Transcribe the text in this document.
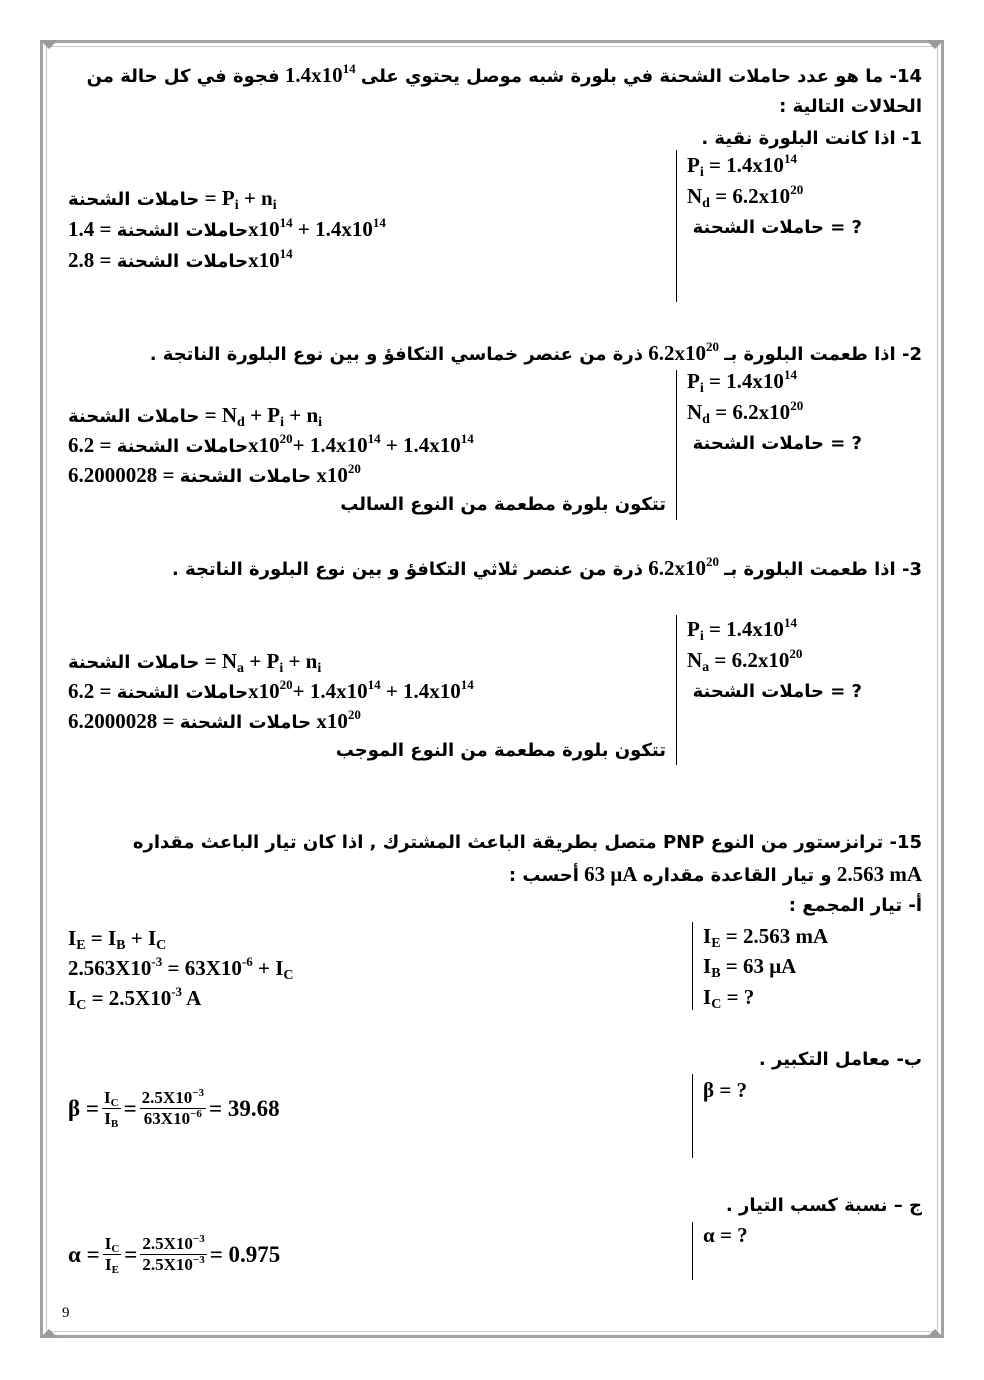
14- ما هو عدد حاملات الشحنة في بلورة شبه موصل يحتوي على $1.4x10^{14}$ فجوة في كل حالة من
الحلالات التالية :
1- اذا كانت البلورة نقية .
$P_i = 1.4x10^{14}$
$N_d = 6.2x10^{20}$
? = حاملات الشحنة
حاملات الشحنة = $P_i + n_i$
حاملات الشحنة = $1.4x10^{14} + 1.4x10^{14}$
حاملات الشحنة = $2.8x10^{14}$
2- اذا طعمت البلورة بـ $6.2x10^{20}$ ذرة من عنصر خماسي التكافؤ و بين نوع البلورة الناتجة .
$P_i = 1.4x10^{14}$
$N_d = 6.2x10^{20}$
? = حاملات الشحنة
حاملات الشحنة = $N_d + P_i + n_i$
حاملات الشحنة = $6.2x10^{20}+ 1.4x10^{14} + 1.4x10^{14}$
حاملات الشحنة = 6.2000028 $x10^{20}$
تتكون بلورة مطعمة من النوع السالب
3- اذا طعمت البلورة بـ $6.2x10^{20}$ ذرة من عنصر ثلاثي التكافؤ و بين نوع البلورة الناتجة .
$P_i = 1.4x10^{14}$
$N_a = 6.2x10^{20}$
? = حاملات الشحنة
حاملات الشحنة = $N_a + P_i + n_i$
حاملات الشحنة = $6.2x10^{20}+ 1.4x10^{14} + 1.4x10^{14}$
حاملات الشحنة = 6.2000028 $x10^{20}$
تتكون بلورة مطعمة من النوع الموجب
15- ترانزستور من النوع PNP متصل بطريقة الباعث المشترك , اذا كان تيار الباعث مقداره
2.563 mA و تيار القاعدة مقداره 63 μA أحسب :
أ- تيار المجمع :
$I_E = 2.563$ mA
$I_B = 63$ μA
$I_C$ = ?
$I_E = I_B + I_C$
$2.563X10^{-3} = 63X10^{-6} + I_C$
$I_C = 2.5X10^{-3}$ A
ب- معامل التكبير .
β = ?
$\beta = \frac{I_C}{I_B} = \frac{2.5X10^{-3}}{63X10^{-6}} = 39.68$
ج – نسبة كسب التيار .
α = ?
$\alpha = \frac{I_C}{I_E} = \frac{2.5X10^{-3}}{2.5X10^{-3}} = 0.975$
9
